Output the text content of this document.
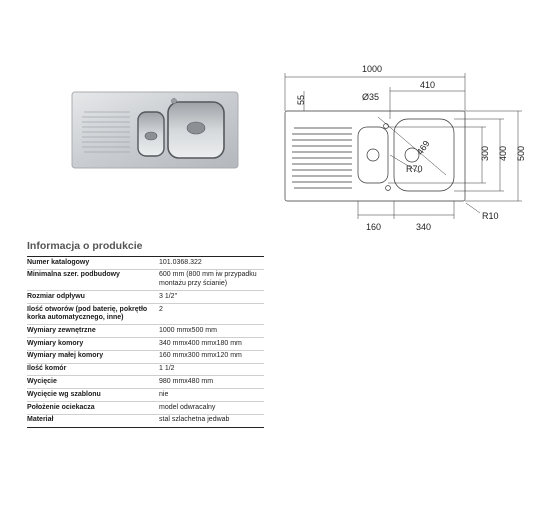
1000
55	Ø35
410
469
R70
160	340
300 400 500
R10
Informacja o produkcie
Numer katalogowy	101.0368.322
Minimalna szer. podbudowy	600 mm (800 mm iw przypadku montażu przy ścianie)
Rozmiar odpływu	3 1/2"
Ilość otworów (pod baterię, pokrętło korka automatycznego, inne)	2
Wymiary zewnętrzne	1000 mmx500 mm
Wymiary komory	340 mmx400 mmx180 mm
Wymiary małej komory	160 mmx300 mmx120 mm
Ilość komór	1 1/2
Wycięcie	980 mmx480 mm
Wycięcie wg szablonu	nie
Położenie ociekacza	model odwracalny
Materiał	stal szlachetna jedwab
